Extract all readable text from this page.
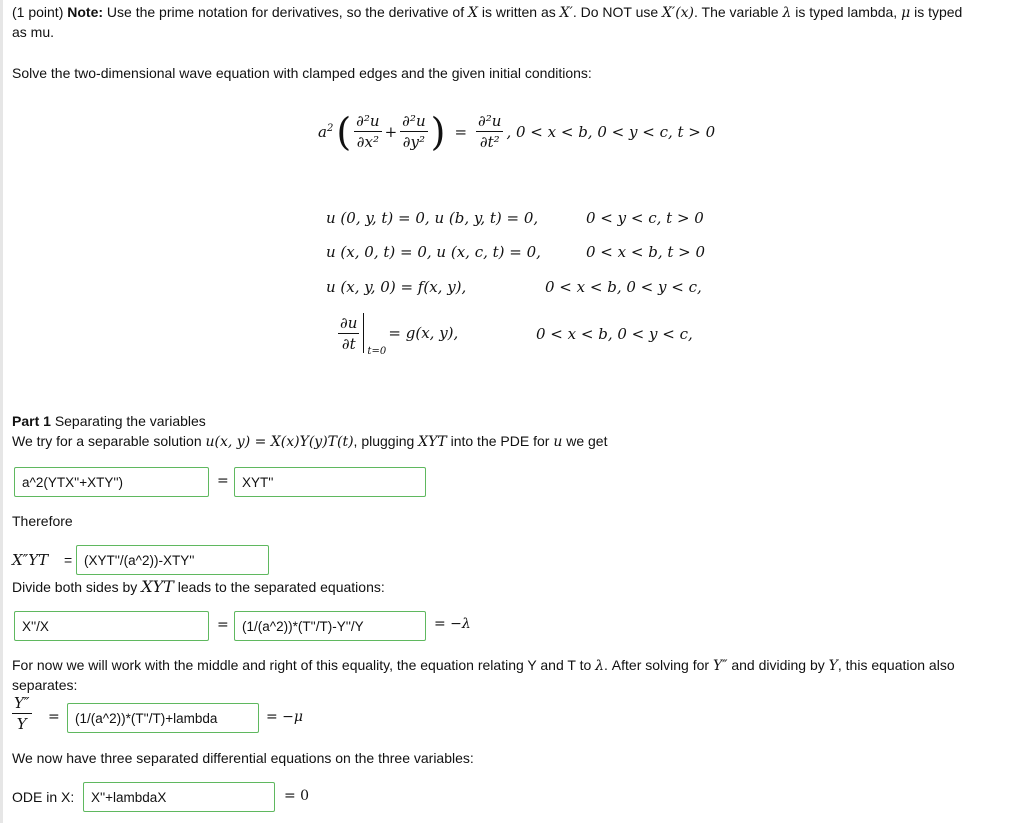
(1 point) Note: Use the prime notation for derivatives, so the derivative of X is written as X′. Do NOT use X′(x). The variable λ is typed lambda, μ is typed
as mu.
Solve the two-dimensional wave equation with clamped edges and the given initial conditions:
$a^2$ ( $\frac{\text{∂²u}}{\text{∂x²}} + \frac{\text{∂²u}}{\text{∂y²}}$ ) = $\frac{\text{∂²u}}{\text{∂t²}}$ , 0 < x < b, 0 < y < c, t > 0
u (0, y, t) = 0, u (b, y, t) = 0,	0 < y < c, t > 0
u (x, 0, t) = 0, u (x, c, t) = 0,	0 < x < b, t > 0
u (x, y, 0) = f(x, y),	0 < x < b, 0 < y < c,
$\frac{\partial u}{\partial t} t=0$
= g(x, y),	0 < x < b, 0 < y < c,
Part 1 Separating the variables
We try for a separable solution u(x, y) = X(x)Y(y)T(t), plugging XYT into the PDE for u we get
a^2(YTX''+XTY'')
=
XYT''
Therefore
X″YT =
(XYT''/(a^2))-XTY''
Divide both sides by XYT leads to the separated equations:
X''/X
=
(1/(a^2))*(T''/T)-Y''/Y	= −λ
For now we will work with the middle and right of this equality, the equation relating Y and T to λ. After solving for Y″ and dividing by Y, this equation also
separates:
$\frac{Y''}{Y}$ =
(1/(a^2))*(T''/T)+lambda	= −μ
We now have three separated differential equations on the three variables:
ODE in X:
X''+lambdaX	= 0
